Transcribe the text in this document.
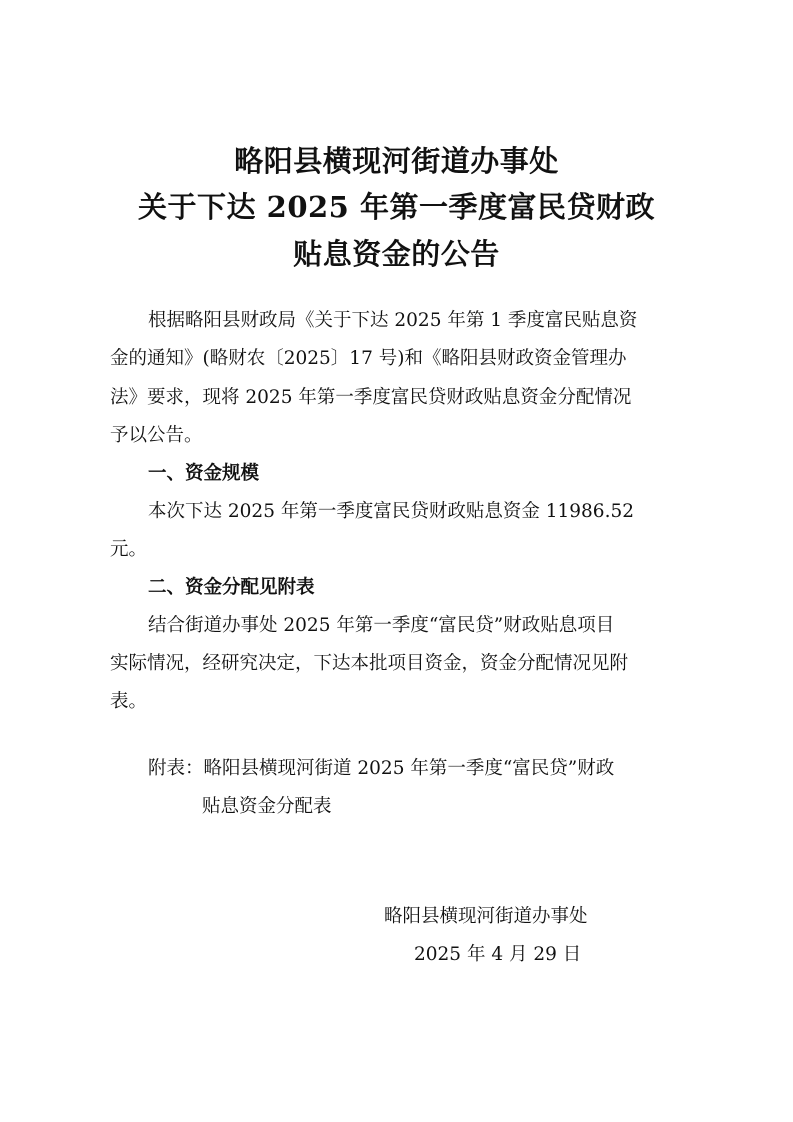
略阳县横现河街道办事处
关于下达 2025 年第一季度富民贷财政
贴息资金的公告
根据略阳县财政局《关于下达 2025 年第 1 季度富民贴息资
金的通知》(略财农〔2025〕17 号)和《略阳县财政资金管理办
法》要求，现将 2025 年第一季度富民贷财政贴息资金分配情况
予以公告。
一、资金规模
本次下达 2025 年第一季度富民贷财政贴息资金 11986.52
元。
二、资金分配见附表
结合街道办事处 2025 年第一季度“富民贷”财政贴息项目
实际情况，经研究决定，下达本批项目资金，资金分配情况见附
表。
附表：略阳县横现河街道 2025 年第一季度“富民贷”财政
贴息资金分配表
略阳县横现河街道办事处
2025 年 4 月 29 日
